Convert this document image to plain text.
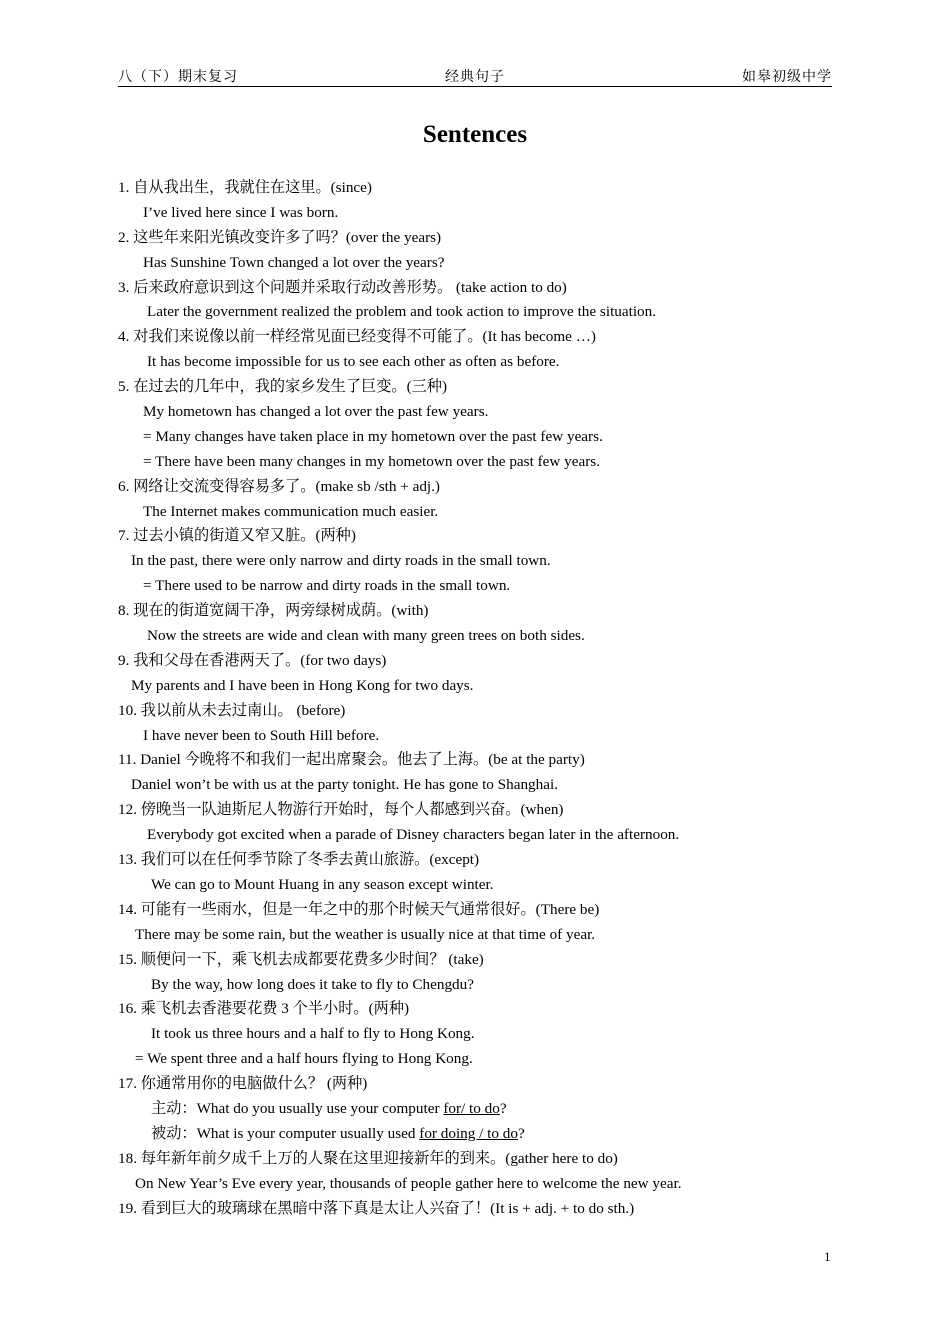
八（下）期末复习	经典句子	如皋初级中学
Sentences
1. 自从我出生，我就住在这里。(since)
I’ve lived here since I was born.
2. 这些年来阳光镇改变许多了吗？(over the years)
Has Sunshine Town changed a lot over the years?
3. 后来政府意识到这个问题并采取行动改善形势。 (take action to do)
Later the government realized the problem and took action to improve the situation.
4. 对我们来说像以前一样经常见面已经变得不可能了。(It has become …)
It has become impossible for us to see each other as often as before.
5. 在过去的几年中，我的家乡发生了巨变。(三种)
My hometown has changed a lot over the past few years.
= Many changes have taken place in my hometown over the past few years.
= There have been many changes in my hometown over the past few years.
6. 网络让交流变得容易多了。(make sb /sth + adj.)
The Internet makes communication much easier.
7. 过去小镇的街道又窄又脏。(两种)
In the past, there were only narrow and dirty roads in the small town.
= There used to be narrow and dirty roads in the small town.
8. 现在的街道宽阔干净，两旁绿树成荫。(with)
Now the streets are wide and clean with many green trees on both sides.
9. 我和父母在香港两天了。(for two days)
My parents and I have been in Hong Kong for two days.
10. 我以前从未去过南山。 (before)
I have never been to South Hill before.
11. Daniel 今晚将不和我们一起出席聚会。他去了上海。(be at the party)
Daniel won’t be with us at the party tonight. He has gone to Shanghai.
12. 傍晚当一队迪斯尼人物游行开始时，每个人都感到兴奋。(when)
Everybody got excited when a parade of Disney characters began later in the afternoon.
13. 我们可以在任何季节除了冬季去黄山旅游。(except)
We can go to Mount Huang in any season except winter.
14. 可能有一些雨水，但是一年之中的那个时候天气通常很好。(There be)
There may be some rain, but the weather is usually nice at that time of year.
15. 顺便问一下，乘飞机去成都要花费多少时间？ (take)
By the way, how long does it take to fly to Chengdu?
16. 乘飞机去香港要花费 3 个半小时。(两种)
It took us three hours and a half to fly to Hong Kong.
= We spent three and a half hours flying to Hong Kong.
17. 你通常用你的电脑做什么？ (两种)
主动：What do you usually use your computer for/ to do?
被动：What is your computer usually used for doing / to do?
18. 每年新年前夕成千上万的人聚在这里迎接新年的到来。(gather here to do)
On New Year’s Eve every year, thousands of people gather here to welcome the new year.
19. 看到巨大的玻璃球在黑暗中落下真是太让人兴奋了！(It is + adj. + to do sth.)
1
